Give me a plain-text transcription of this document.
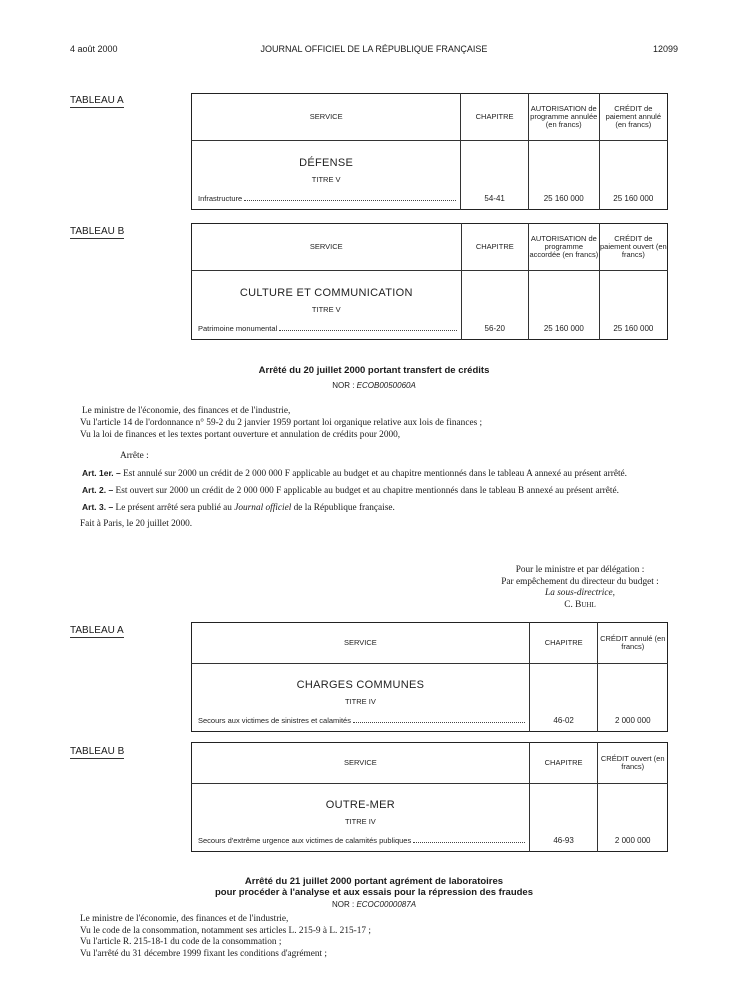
4 août 2000	JOURNAL OFFICIEL DE LA RÉPUBLIQUE FRANÇAISE	12099
TABLEAU A
SERVICE	CHAPITRE	AUTORISATION de programme annulée (en francs)	CRÉDIT de paiement annulé (en francs)

DÉFENSE
TITRE V
Infrastructure	54-41	25 160 000	25 160 000
TABLEAU B
SERVICE	CHAPITRE	AUTORISATION de programme accordée (en francs)	CRÉDIT de paiement ouvert (en francs)

CULTURE ET COMMUNICATION
TITRE V
Patrimoine monumental	56-20	25 160 000	25 160 000
Arrêté du 20 juillet 2000 portant transfert de crédits
NOR : ECOB0050060A
Le ministre de l'économie, des finances et de l'industrie,
Vu l'article 14 de l'ordonnance n° 59-2 du 2 janvier 1959 portant loi organique relative aux lois de finances ;
Vu la loi de finances et les textes portant ouverture et annulation de crédits pour 2000,
Arrête :
Art. 1er. – Est annulé sur 2000 un crédit de 2 000 000 F applicable au budget et au chapitre mentionnés dans le tableau A annexé au présent arrêté.
Art. 2. – Est ouvert sur 2000 un crédit de 2 000 000 F applicable au budget et au chapitre mentionnés dans le tableau B annexé au présent arrêté.
Art. 3. – Le présent arrêté sera publié au Journal officiel de la République française.
Fait à Paris, le 20 juillet 2000.
Pour le ministre et par délégation :
Par empêchement du directeur du budget :
La sous-directrice,
C. Buhl
TABLEAU A
SERVICE	CHAPITRE	CRÉDIT annulé (en francs)

CHARGES COMMUNES
TITRE IV
Secours aux victimes de sinistres et calamités	46-02	2 000 000
TABLEAU B
SERVICE	CHAPITRE	CRÉDIT ouvert (en francs)

OUTRE-MER
TITRE IV
Secours d'extrême urgence aux victimes de calamités publiques	46-93	2 000 000
Arrêté du 21 juillet 2000 portant agrément de laboratoires
pour procéder à l'analyse et aux essais pour la répression des fraudes
NOR : ECOC0000087A
Le ministre de l'économie, des finances et de l'industrie,
Vu le code de la consommation, notamment ses articles L. 215-9 à L. 215-17 ;
Vu l'article R. 215-18-1 du code de la consommation ;
Vu l'arrêté du 31 décembre 1999 fixant les conditions d'agrément ;
